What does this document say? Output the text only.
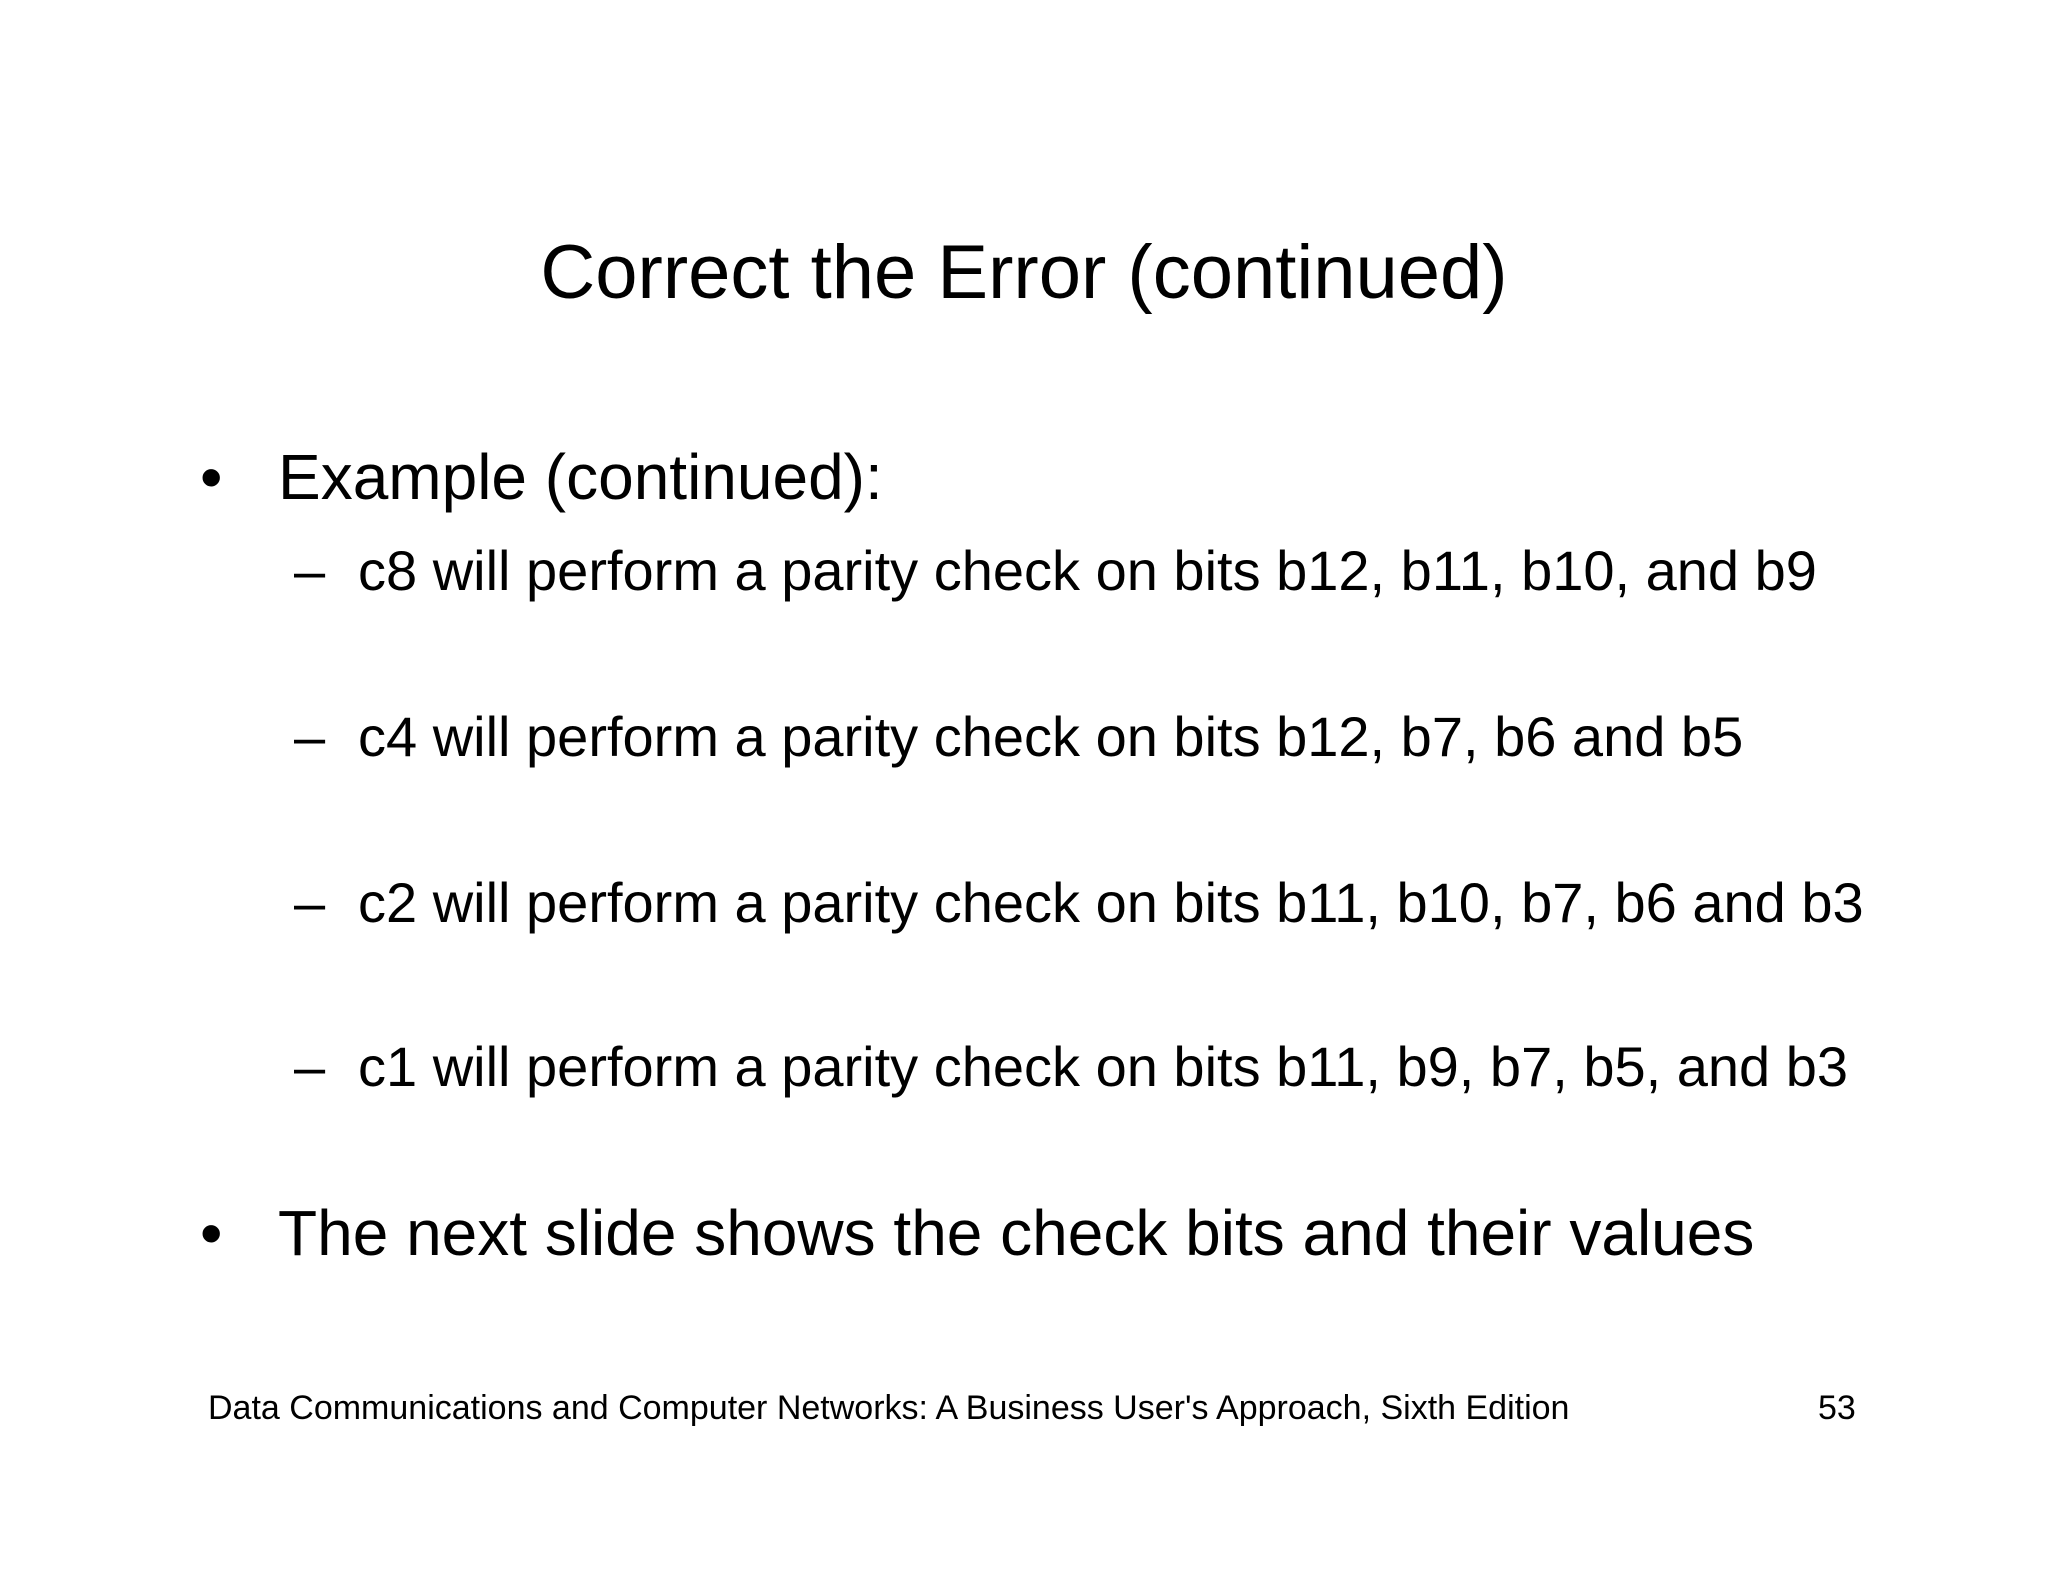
Correct the Error (continued)
• Example (continued):
– c8 will perform a parity check on bits b12, b11, b10, and b9
– c4 will perform a parity check on bits b12, b7, b6 and b5
– c2 will perform a parity check on bits b11, b10, b7, b6 and b3
– c1 will perform a parity check on bits b11, b9, b7, b5, and b3
• The next slide shows the check bits and their values
Data Communications and Computer Networks: A Business User's Approach, Sixth Edition	53
